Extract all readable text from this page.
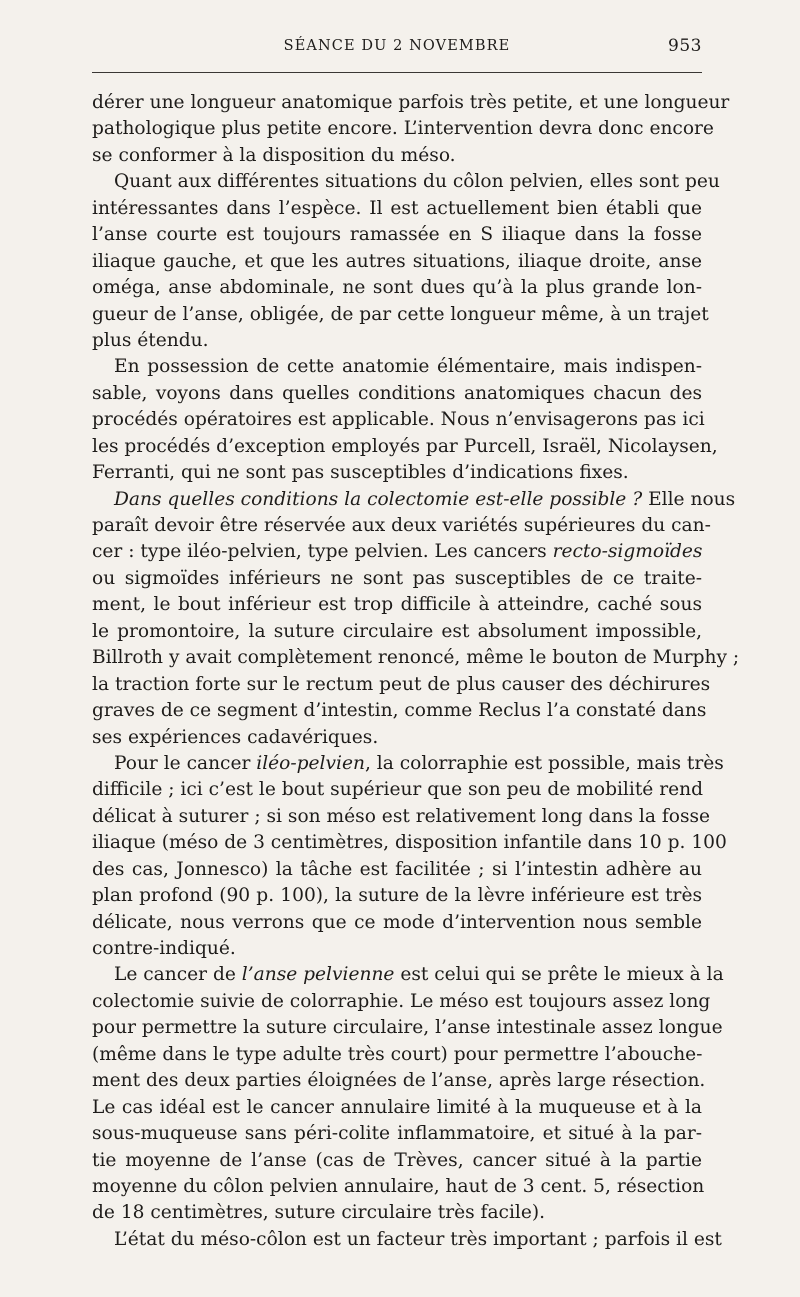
SÉANCE DU 2 NOVEMBRE	953
dérer une longueur anatomique parfois très petite, et une longueur
pathologique plus petite encore. L’intervention devra donc encore
se conformer à la disposition du méso.
Quant aux différentes situations du côlon pelvien, elles sont peu
intéressantes dans l’espèce. Il est actuellement bien établi que
l’anse courte est toujours ramassée en S iliaque dans la fosse
iliaque gauche, et que les autres situations, iliaque droite, anse
oméga, anse abdominale, ne sont dues qu’à la plus grande lon-
gueur de l’anse, obligée, de par cette longueur même, à un trajet
plus étendu.
En possession de cette anatomie élémentaire, mais indispen-
sable, voyons dans quelles conditions anatomiques chacun des
procédés opératoires est applicable. Nous n’envisagerons pas ici
les procédés d’exception employés par Purcell, Israël, Nicolaysen,
Ferranti, qui ne sont pas susceptibles d’indications fixes.
Dans quelles conditions la colectomie est-elle possible ? Elle nous
paraît devoir être réservée aux deux variétés supérieures du can-
cer : type iléo-pelvien, type pelvien. Les cancers recto-sigmoïdes
ou sigmoïdes inférieurs ne sont pas susceptibles de ce traite-
ment, le bout inférieur est trop difficile à atteindre, caché sous
le promontoire, la suture circulaire est absolument impossible,
Billroth y avait complètement renoncé, même le bouton de Murphy ;
la traction forte sur le rectum peut de plus causer des déchirures
graves de ce segment d’intestin, comme Reclus l’a constaté dans
ses expériences cadavériques.
Pour le cancer iléo-pelvien, la colorraphie est possible, mais très
difficile ; ici c’est le bout supérieur que son peu de mobilité rend
délicat à suturer ; si son méso est relativement long dans la fosse
iliaque (méso de 3 centimètres, disposition infantile dans 10 p. 100
des cas, Jonnesco) la tâche est facilitée ; si l’intestin adhère au
plan profond (90 p. 100), la suture de la lèvre inférieure est très
délicate, nous verrons que ce mode d’intervention nous semble
contre-indiqué.
Le cancer de l’anse pelvienne est celui qui se prête le mieux à la
colectomie suivie de colorraphie. Le méso est toujours assez long
pour permettre la suture circulaire, l’anse intestinale assez longue
(même dans le type adulte très court) pour permettre l’abouche-
ment des deux parties éloignées de l’anse, après large résection.
Le cas idéal est le cancer annulaire limité à la muqueuse et à la
sous-muqueuse sans péri-colite inflammatoire, et situé à la par-
tie moyenne de l’anse (cas de Trèves, cancer situé à la partie
moyenne du côlon pelvien annulaire, haut de 3 cent. 5, résection
de 18 centimètres, suture circulaire très facile).
L’état du méso-côlon est un facteur très important ; parfois il est
